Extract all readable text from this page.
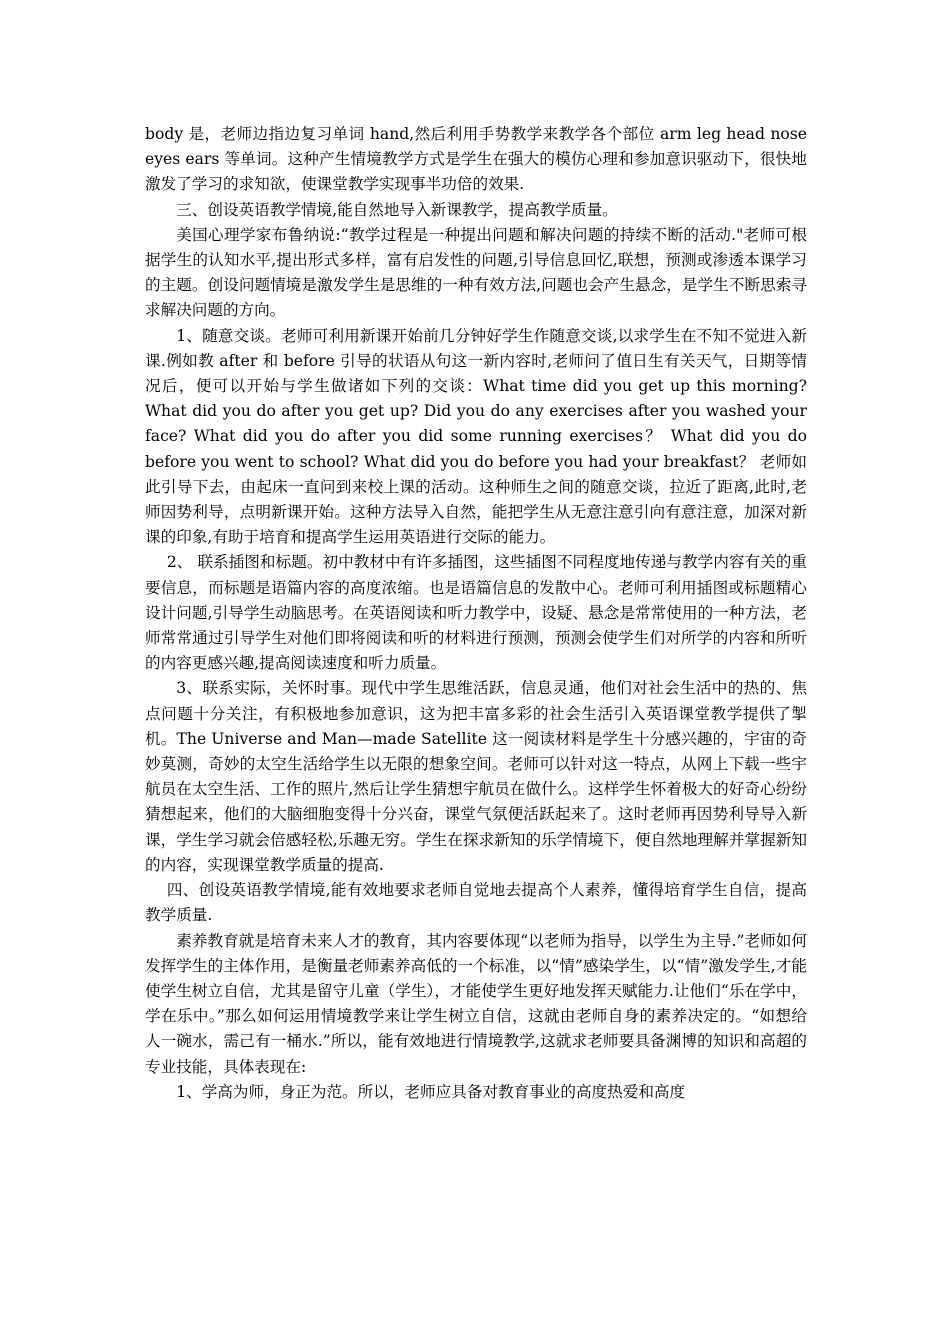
body 是，老师边指边复习单词 hand,然后利用手势教学来教学各个部位 arm leg head nose eyes ears 等单词。这种产生情境教学方式是学生在强大的模仿心理和参加意识驱动下，很快地激发了学习的求知欲，使课堂教学实现事半功倍的效果.

三、创设英语教学情境,能自然地导入新课教学，提高教学质量。

美国心理学家布鲁纳说:“教学过程是一种提出问题和解决问题的持续不断的活动."老师可根据学生的认知水平,提出形式多样，富有启发性的问题,引导信息回忆,联想，预测或渗透本课学习的主题。创设问题情境是激发学生是思维的一种有效方法,问题也会产生悬念，是学生不断思索寻求解决问题的方向。

1、随意交谈。老师可利用新课开始前几分钟好学生作随意交谈,以求学生在不知不觉进入新课.例如教 after 和 before 引导的状语从句这一新内容时,老师问了值日生有关天气，日期等情况后，便可以开始与学生做诸如下列的交谈：What time did you get up this morning? What did you do after you get up? Did you do any exercises after you washed your face? What did you do after you did some running exercises？ What did you do before you went to school? What did you do before you had your breakfast？ 老师如此引导下去，由起床一直问到来校上课的活动。这种师生之间的随意交谈，拉近了距离,此时,老师因势利导，点明新课开始。这种方法导入自然，能把学生从无意注意引向有意注意，加深对新课的印象,有助于培育和提高学生运用英语进行交际的能力。

2、 联系插图和标题。初中教材中有许多插图，这些插图不同程度地传递与教学内容有关的重要信息，而标题是语篇内容的高度浓缩。也是语篇信息的发散中心。老师可利用插图或标题精心设计问题,引导学生动脑思考。在英语阅读和听力教学中，设疑、悬念是常常使用的一种方法，老师常常通过引导学生对他们即将阅读和听的材料进行预测，预测会使学生们对所学的内容和所听的内容更感兴趣,提高阅读速度和听力质量。

3、联系实际，关怀时事。现代中学生思维活跃，信息灵通，他们对社会生活中的热的、焦点问题十分关注，有积极地参加意识，这为把丰富多彩的社会生活引入英语课堂教学提供了掣机。The Universe and Man—made Satellite 这一阅读材料是学生十分感兴趣的，宇宙的奇妙莫测，奇妙的太空生活给学生以无限的想象空间。老师可以针对这一特点，从网上下载一些宇航员在太空生活、工作的照片,然后让学生猜想宇航员在做什么。这样学生怀着极大的好奇心纷纷猜想起来，他们的大脑细胞变得十分兴奋，课堂气氛便活跃起来了。这时老师再因势利导导入新课，学生学习就会倍感轻松,乐趣无穷。学生在探求新知的乐学情境下，便自然地理解并掌握新知的内容，实现课堂教学质量的提高.

四、创设英语教学情境,能有效地要求老师自觉地去提高个人素养，懂得培育学生自信，提高教学质量.

素养教育就是培育未来人才的教育，其内容要体现“以老师为指导，以学生为主导.”老师如何发挥学生的主体作用，是衡量老师素养高低的一个标准，以“情”感染学生，以“情”激发学生,才能使学生树立自信，尤其是留守儿童（学生），才能使学生更好地发挥天赋能力.让他们“乐在学中，学在乐中。”那么如何运用情境教学来让学生树立自信，这就由老师自身的素养决定的。“如想给人一碗水，需己有一桶水.”所以，能有效地进行情境教学,这就求老师要具备渊博的知识和高超的专业技能，具体表现在:

1、学高为师，身正为范。所以，老师应具备对教育事业的高度热爱和高度
